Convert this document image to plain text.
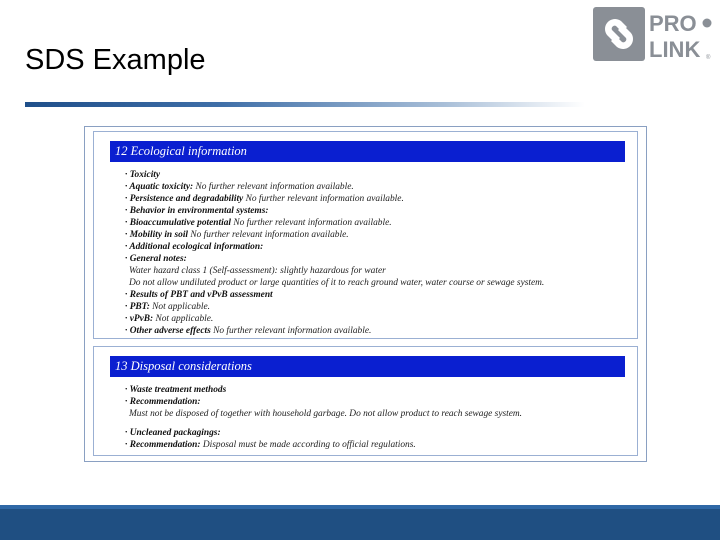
SDS Example
PRO
LINK ®
12 Ecological information
· Toxicity
· Aquatic toxicity: No further relevant information available.
· Persistence and degradability No further relevant information available.
· Behavior in environmental systems:
· Bioaccumulative potential No further relevant information available.
· Mobility in soil No further relevant information available.
· Additional ecological information:
· General notes:
Water hazard class 1 (Self-assessment): slightly hazardous for water
Do not allow undiluted product or large quantities of it to reach ground water, water course or sewage system.
· Results of PBT and vPvB assessment
· PBT: Not applicable.
· vPvB: Not applicable.
· Other adverse effects No further relevant information available.
13 Disposal considerations
· Waste treatment methods
· Recommendation:
Must not be disposed of together with household garbage. Do not allow product to reach sewage system.
· Uncleaned packagings:
· Recommendation: Disposal must be made according to official regulations.
